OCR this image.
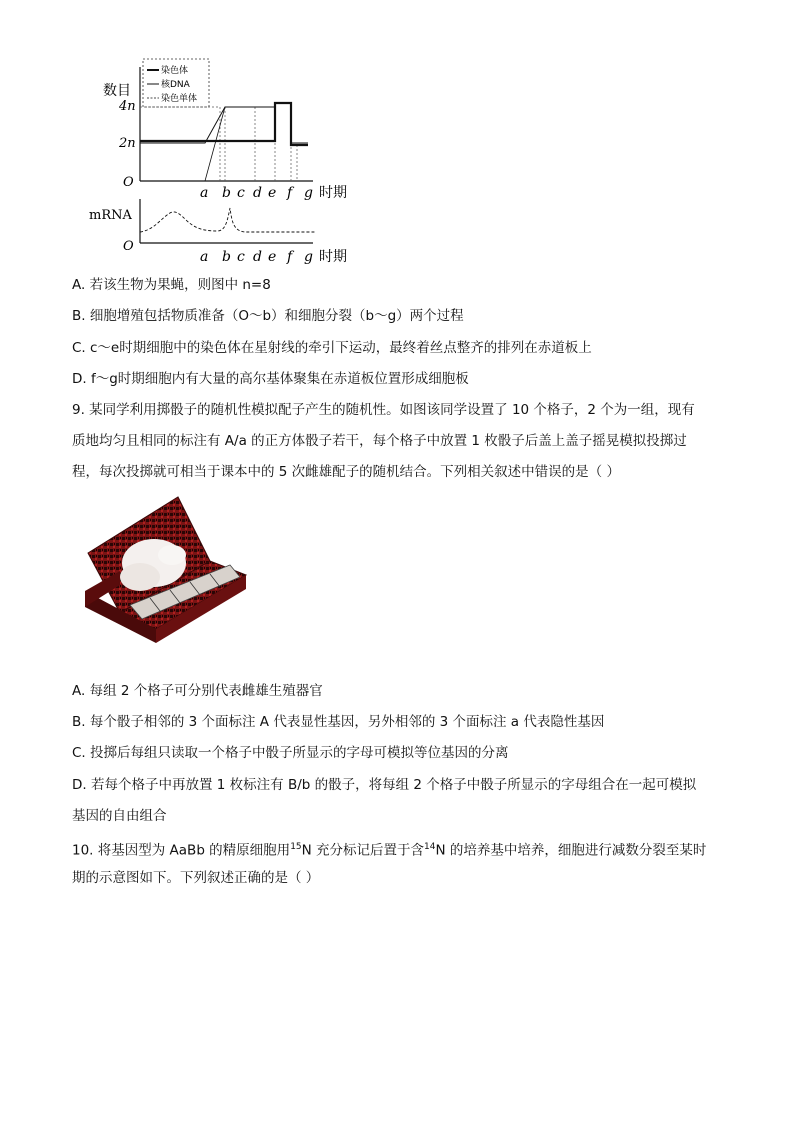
数目
4n
2n
O
染色体
核DNA
染色单体
a b c d e f g 时期
mRNA
O
a b c d e f g 时期
A. 若该生物为果蝇，则图中 n=8
B. 细胞增殖包括物质准备（O～b）和细胞分裂（b～g）两个过程
C. c～e时期细胞中的染色体在星射线的牵引下运动，最终着丝点整齐的排列在赤道板上
D. f～g时期细胞内有大量的高尔基体聚集在赤道板位置形成细胞板
9. 某同学利用掷骰子的随机性模拟配子产生的随机性。如图该同学设置了 10 个格子，2 个为一组，现有
质地均匀且相同的标注有 A/a 的正方体骰子若干，每个格子中放置 1 枚骰子后盖上盖子摇晃模拟投掷过
程，每次投掷就可相当于课本中的 5 次雌雄配子的随机结合。下列相关叙述中错误的是（ ）
A. 每组 2 个格子可分别代表雌雄生殖器官
B. 每个骰子相邻的 3 个面标注 A 代表显性基因，另外相邻的 3 个面标注 a 代表隐性基因
C. 投掷后每组只读取一个格子中骰子所显示的字母可模拟等位基因的分离
D. 若每个格子中再放置 1 枚标注有 B/b 的骰子，将每组 2 个格子中骰子所显示的字母组合在一起可模拟
基因的自由组合
10. 将基因型为 AaBb 的精原细胞用$^{15}$N 充分标记后置于含$^{14}$N 的培养基中培养，细胞进行减数分裂至某时
期的示意图如下。下列叙述正确的是（ ）
